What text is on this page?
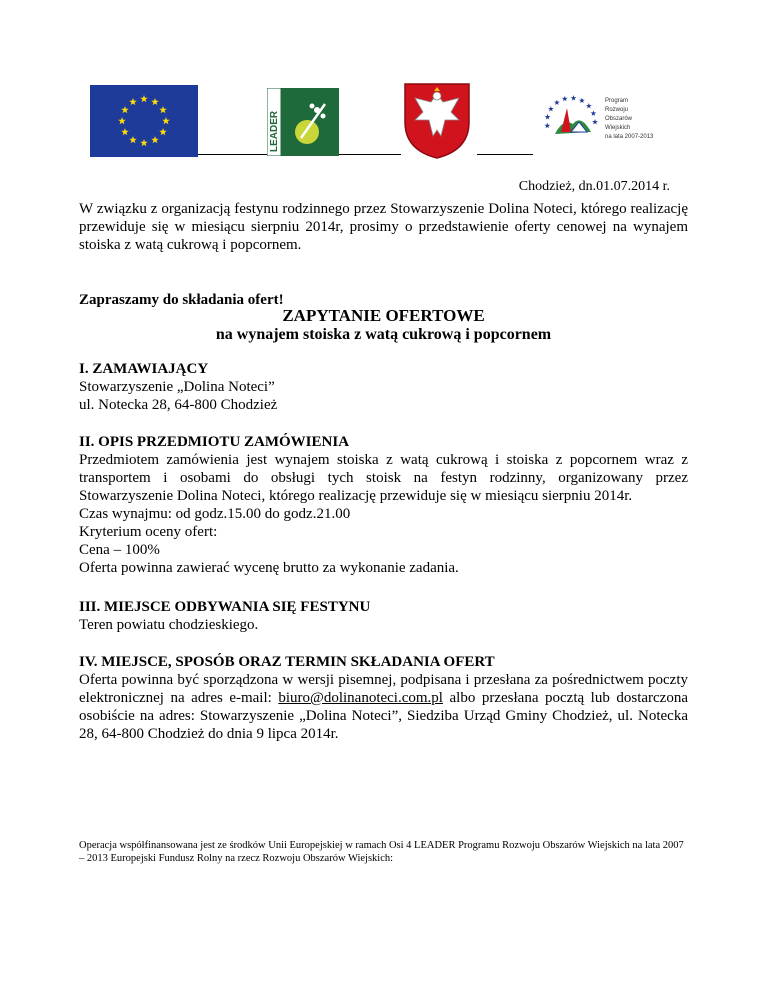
LEADER
Program
Rozwoju
Obszarów
Wiejskich
na lata 2007-2013
Chodzież, dn.01.07.2014 r.
W związku z organizacją festynu rodzinnego przez Stowarzyszenie Dolina Noteci, którego realizację przewiduje się w miesiącu sierpniu 2014r, prosimy o przedstawienie oferty cenowej na wynajem stoiska z watą cukrową i popcornem.
Zapraszamy do składania ofert!
ZAPYTANIE OFERTOWE
na wynajem stoiska z watą cukrową i popcornem
I. ZAMAWIAJĄCY
Stowarzyszenie „Dolina Noteci”
ul. Notecka 28, 64-800 Chodzież
II. OPIS PRZEDMIOTU ZAMÓWIENIA
Przedmiotem zamówienia jest wynajem stoiska z watą cukrową i stoiska z popcornem wraz z transportem i osobami do obsługi tych stoisk na festyn rodzinny, organizowany przez Stowarzyszenie Dolina Noteci, którego realizację przewiduje się w miesiącu sierpniu 2014r.
Czas wynajmu: od godz.15.00 do godz.21.00
Kryterium oceny ofert:
Cena – 100%
Oferta powinna zawierać wycenę brutto za wykonanie zadania.
III. MIEJSCE ODBYWANIA SIĘ FESTYNU
Teren powiatu chodzieskiego.
IV. MIEJSCE, SPOSÓB ORAZ TERMIN SKŁADANIA OFERT
Oferta powinna być sporządzona w wersji pisemnej, podpisana i przesłana za pośrednictwem poczty elektronicznej na adres e-mail: biuro@dolinanoteci.com.pl albo przesłana pocztą lub dostarczona osobiście na adres: Stowarzyszenie „Dolina Noteci”, Siedziba Urząd Gminy Chodzież, ul. Notecka 28, 64-800 Chodzież do dnia 9 lipca 2014r.
Operacja współfinansowana jest ze środków Unii Europejskiej w ramach Osi 4 LEADER Programu Rozwoju Obszarów Wiejskich na lata 2007 – 2013 Europejski Fundusz Rolny na rzecz Rozwoju Obszarów Wiejskich:
